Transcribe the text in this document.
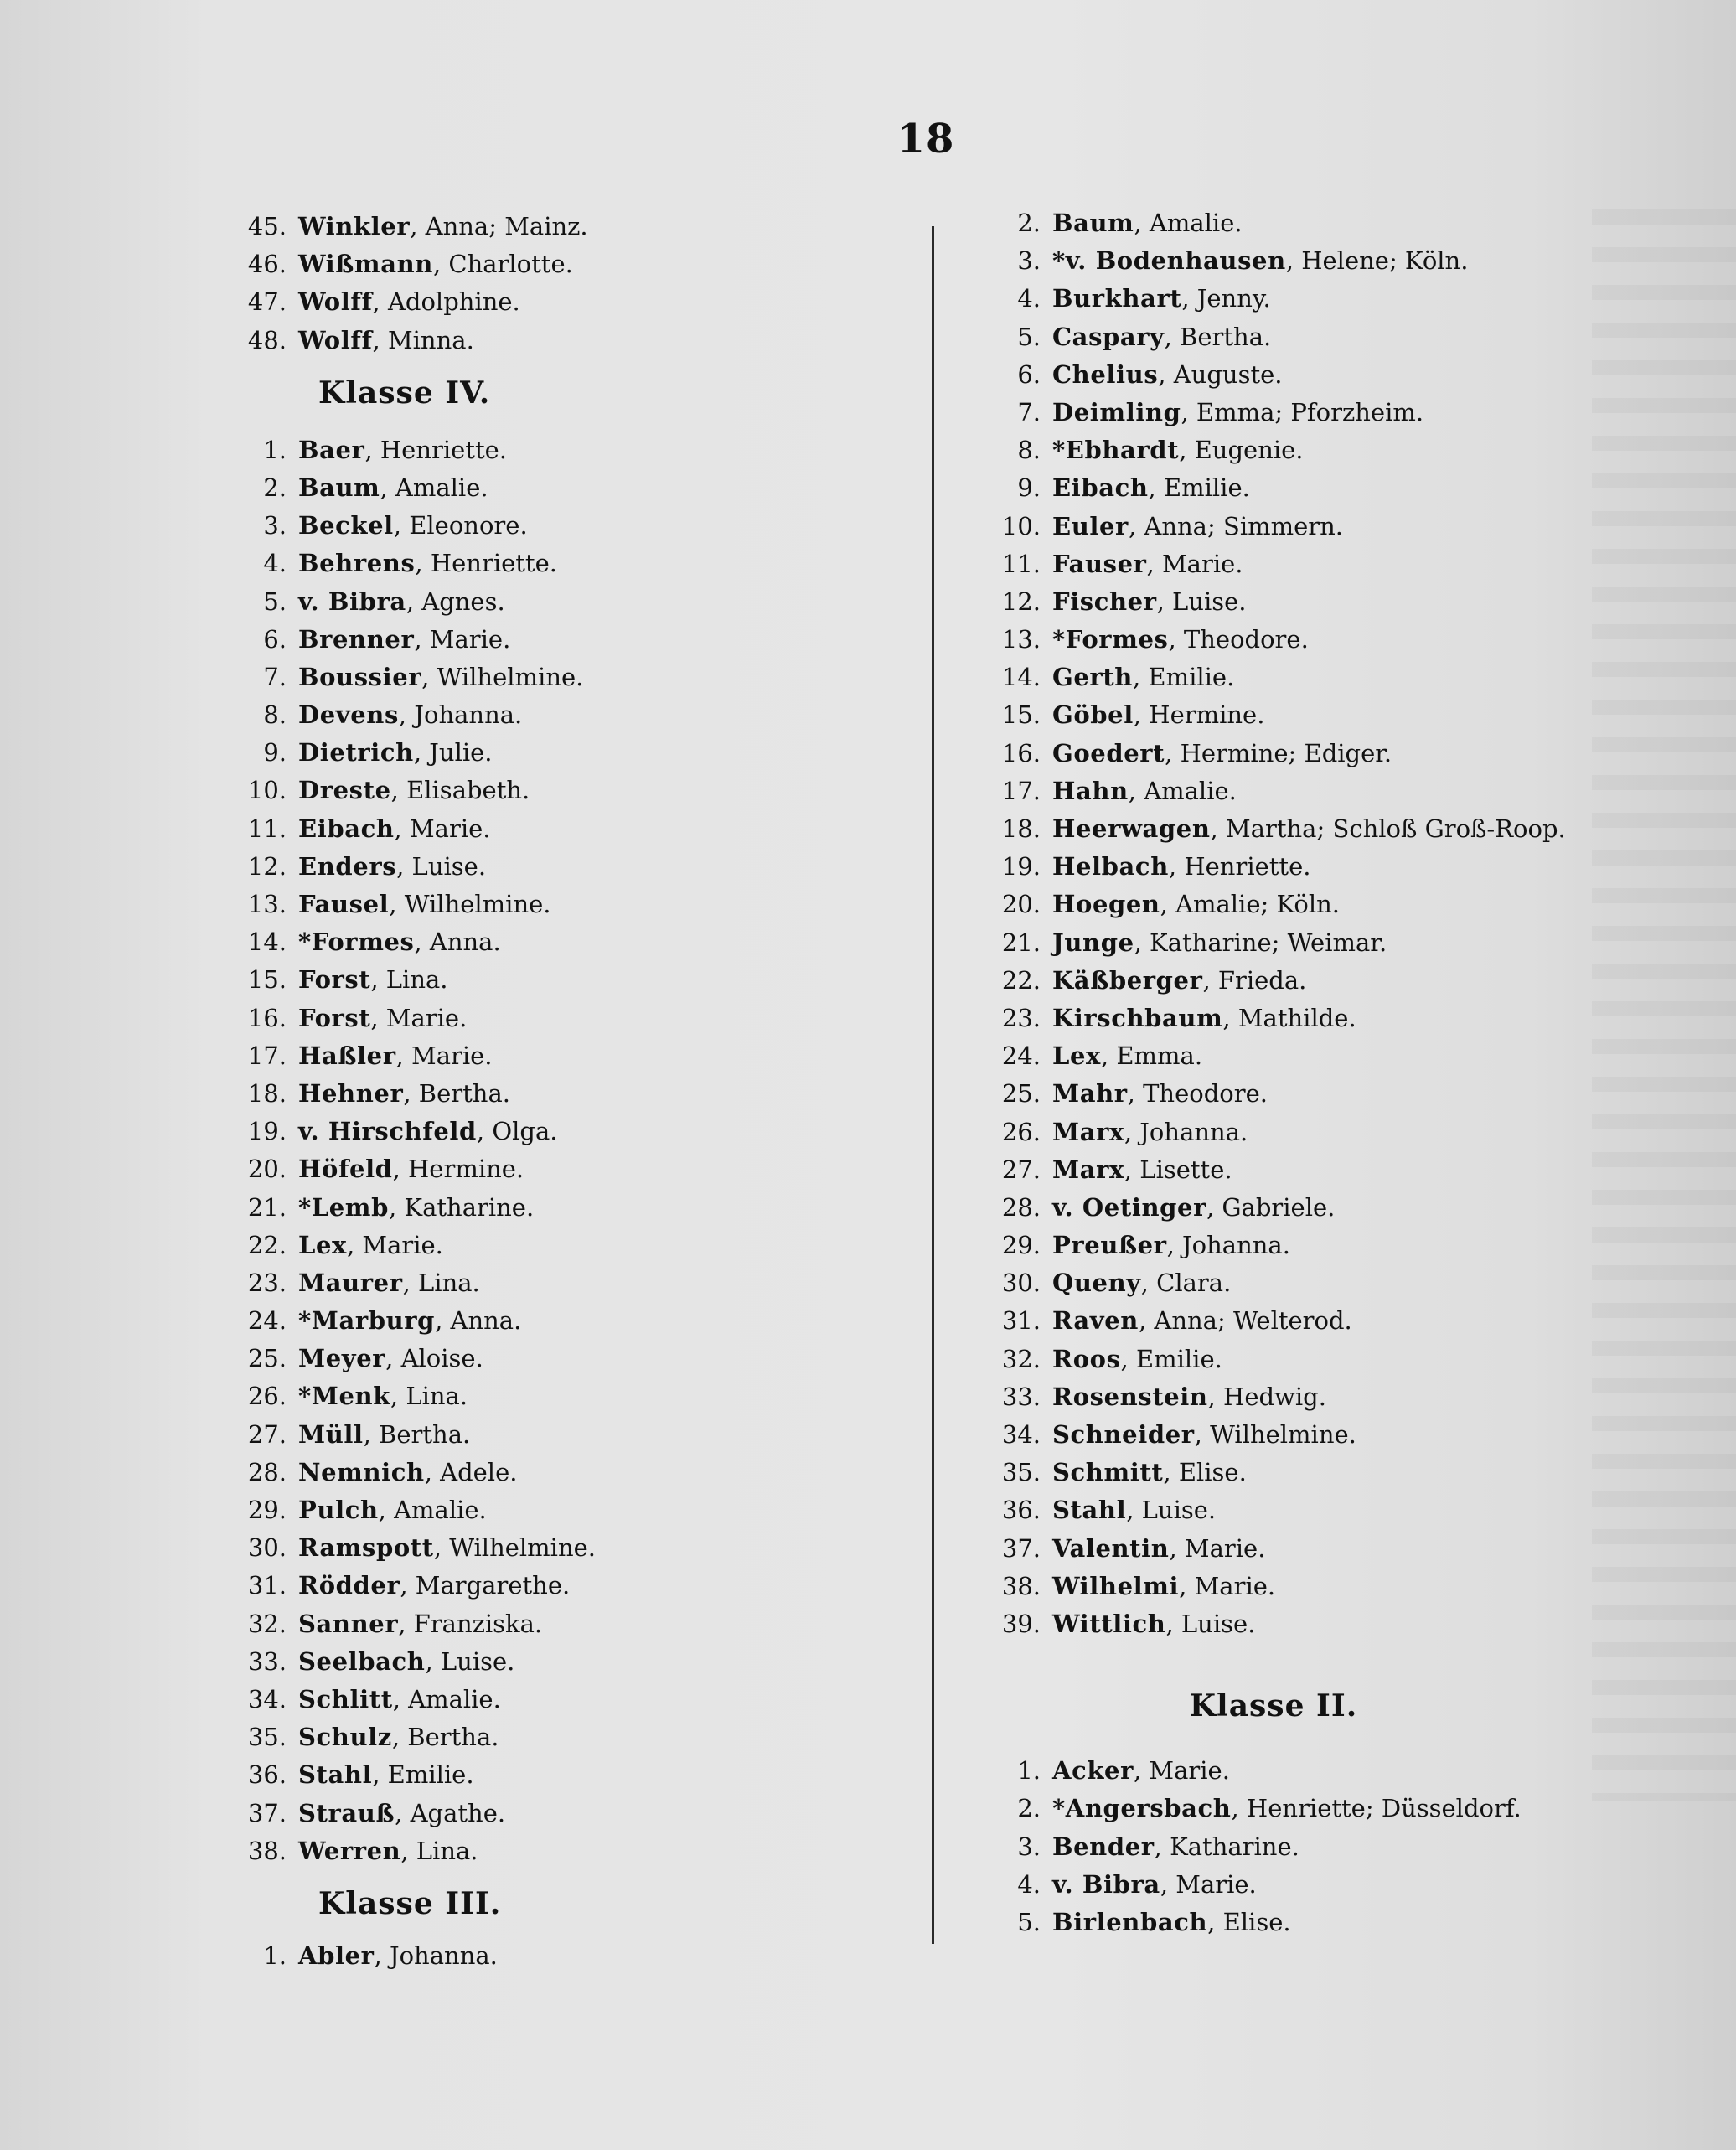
18
45. Winkler , Anna; Mainz.
46. Wißmann , Charlotte.
47. Wolff , Adolphine.
48. Wolff , Minna.
Klasse IV.
1. Baer , Henriette.
2. Baum , Amalie.
3. Beckel , Eleonore.
4. Behrens , Henriette.
5. v. Bibra , Agnes.
6. Brenner , Marie.
7. Boussier , Wilhelmine.
8. Devens , Johanna.
9. Dietrich , Julie.
10. Dreste , Elisabeth.
11. Eibach , Marie.
12. Enders , Luise.
13. Fausel , Wilhelmine.
14. *Formes , Anna.
15. Forst , Lina.
16. Forst , Marie.
17. Haßler , Marie.
18. Hehner , Bertha.
19. v. Hirschfeld , Olga.
20. Höfeld , Hermine.
21. *Lemb , Katharine.
22. Lex , Marie.
23. Maurer , Lina.
24. *Marburg , Anna.
25. Meyer , Aloise.
26. *Menk , Lina.
27. Müll , Bertha.
28. Nemnich , Adele.
29. Pulch , Amalie.
30. Ramspott , Wilhelmine.
31. Rödder , Margarethe.
32. Sanner , Franziska.
33. Seelbach , Luise.
34. Schlitt , Amalie.
35. Schulz , Bertha.
36. Stahl , Emilie.
37. Strauß , Agathe.
38. Werren , Lina.
Klasse III.
1. Abler , Johanna.
2. Baum , Amalie.
3. *v. Bodenhausen , Helene; Köln.
4. Burkhart , Jenny.
5. Caspary , Bertha.
6. Chelius , Auguste.
7. Deimling , Emma; Pforzheim.
8. *Ebhardt , Eugenie.
9. Eibach , Emilie.
10. Euler , Anna; Simmern.
11. Fauser , Marie.
12. Fischer , Luise.
13. *Formes , Theodore.
14. Gerth , Emilie.
15. Göbel , Hermine.
16. Goedert , Hermine; Ediger.
17. Hahn , Amalie.
18. Heerwagen , Martha; Schloß Groß-Roop.
19. Helbach , Henriette.
20. Hoegen , Amalie; Köln.
21. Junge , Katharine; Weimar.
22. Käßberger , Frieda.
23. Kirschbaum , Mathilde.
24. Lex , Emma.
25. Mahr , Theodore.
26. Marx , Johanna.
27. Marx , Lisette.
28. v. Oetinger , Gabriele.
29. Preußer , Johanna.
30. Queny , Clara.
31. Raven , Anna; Welterod.
32. Roos , Emilie.
33. Rosenstein , Hedwig.
34. Schneider , Wilhelmine.
35. Schmitt , Elise.
36. Stahl , Luise.
37. Valentin , Marie.
38. Wilhelmi , Marie.
39. Wittlich , Luise.
Klasse II.
1. Acker , Marie.
2. *Angersbach , Henriette; Düsseldorf.
3. Bender , Katharine.
4. v. Bibra , Marie.
5. Birlenbach , Elise.
